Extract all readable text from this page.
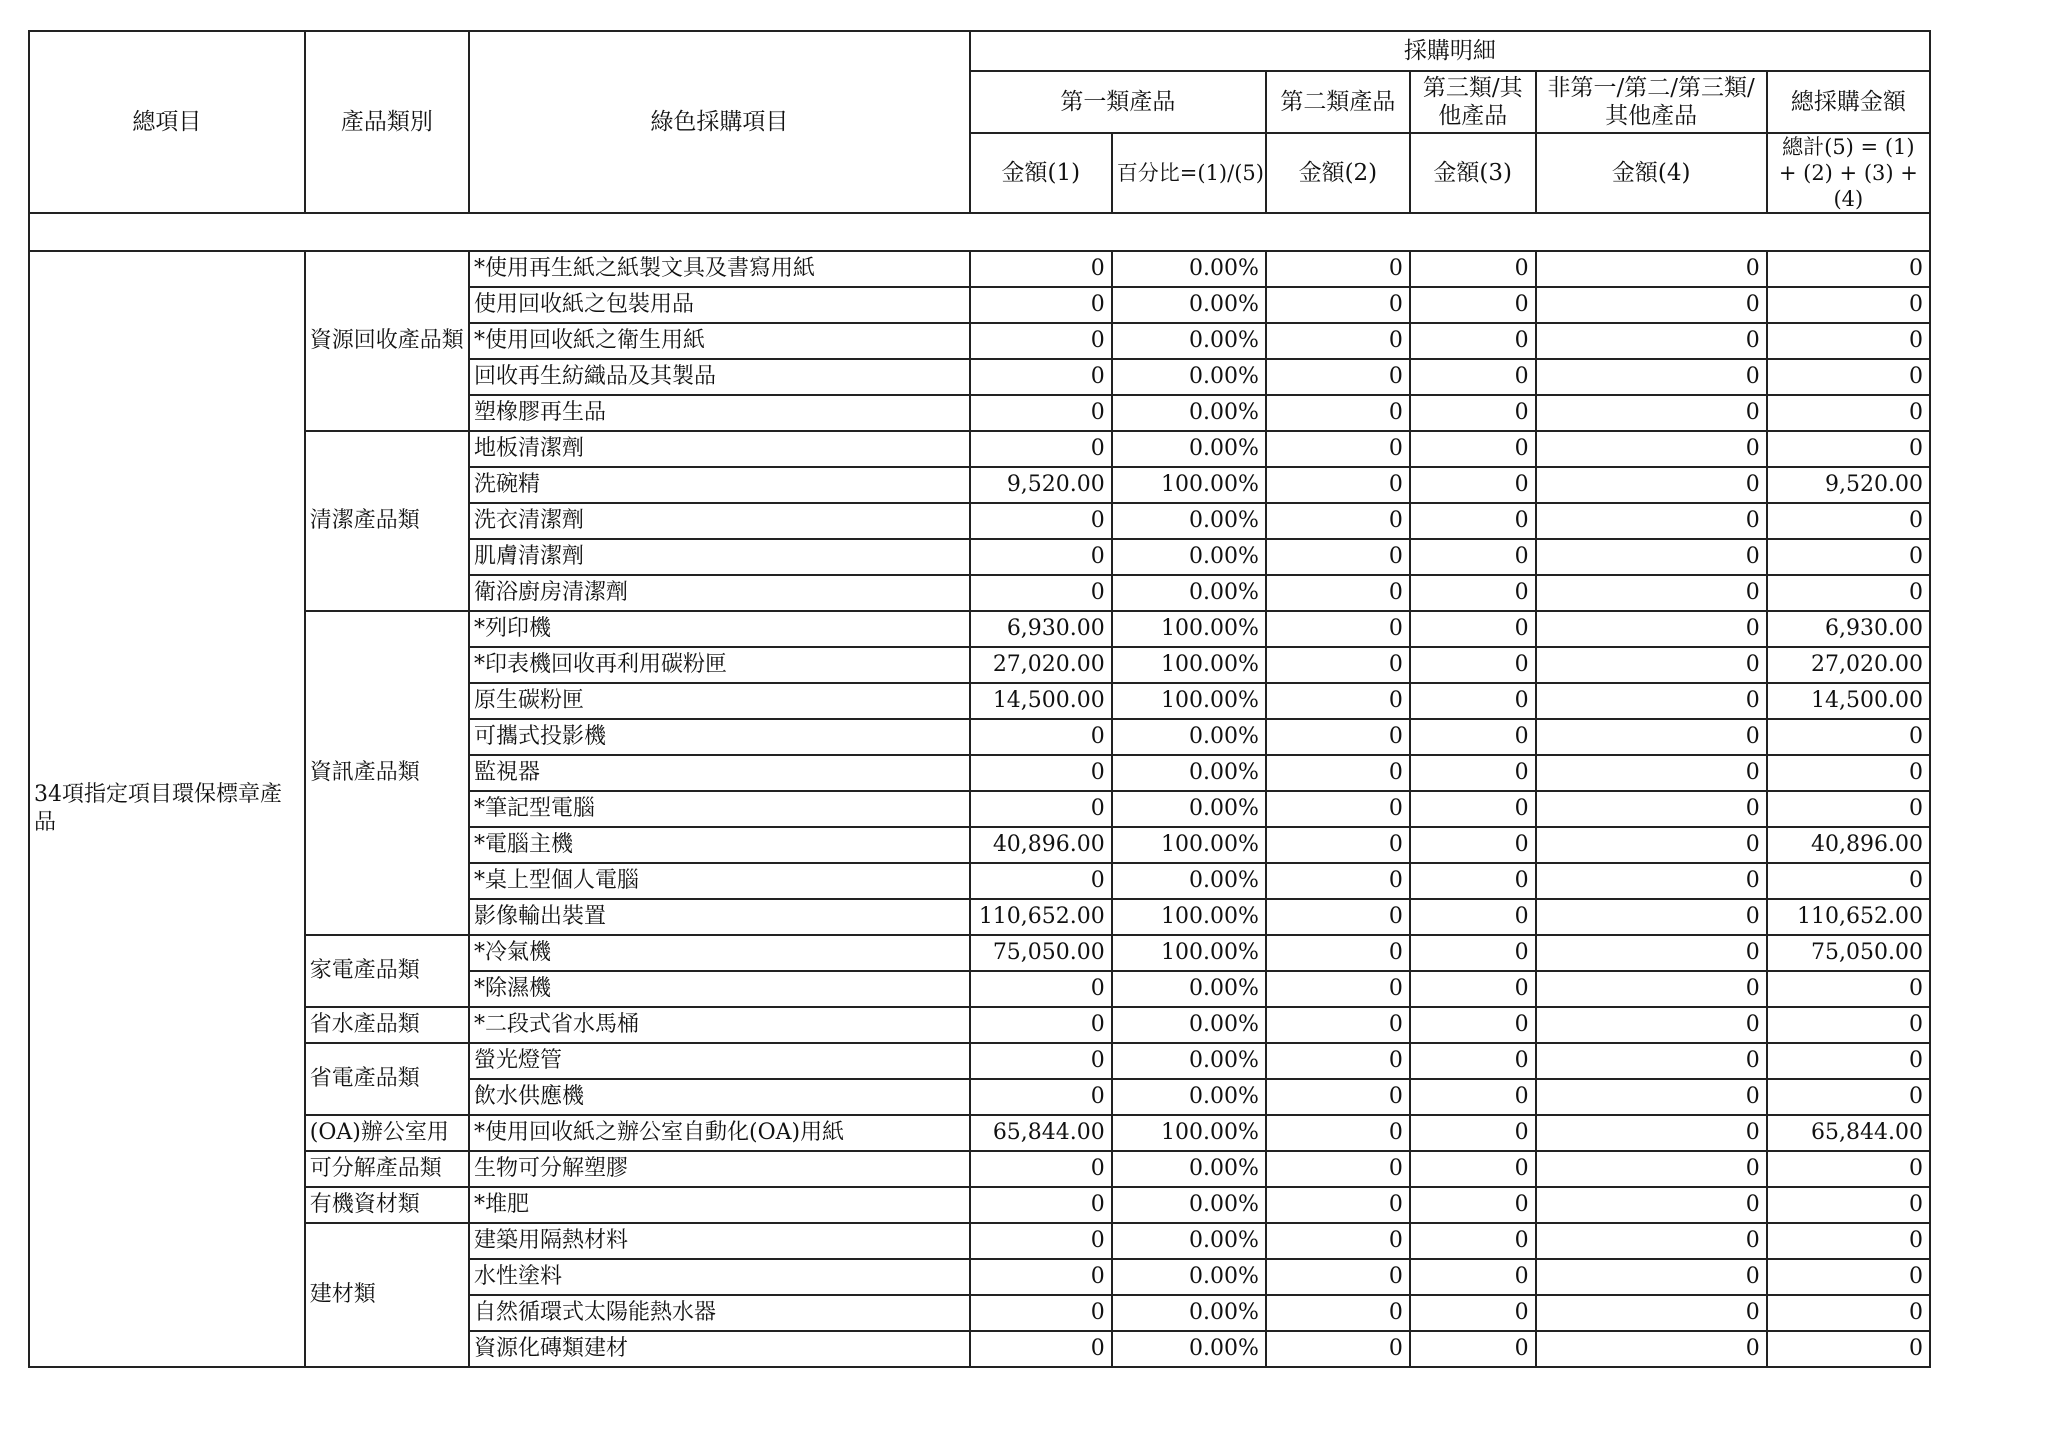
總項目	產品類別	綠色採購項目	採購明細					
			第一類產品		第二類產品	第三類/其他產品	非第一/第二/第三類/其他產品	總採購金額
			金額(1)	百分比=(1)/(5)	金額(2)	金額(3)	金額(4)	總計(5) = (1) + (2) + (3) + (4)

34項指定項目環保標章產品	資源回收產品類	*使用再生紙之紙製文具及書寫用紙	0	0.00%	0	0	0	0
		使用回收紙之包裝用品	0	0.00%	0	0	0	0
		*使用回收紙之衛生用紙	0	0.00%	0	0	0	0
		回收再生紡織品及其製品	0	0.00%	0	0	0	0
		塑橡膠再生品	0	0.00%	0	0	0	0
	清潔產品類	地板清潔劑	0	0.00%	0	0	0	0
		洗碗精	9,520.00	100.00%	0	0	0	9,520.00
		洗衣清潔劑	0	0.00%	0	0	0	0
		肌膚清潔劑	0	0.00%	0	0	0	0
		衛浴廚房清潔劑	0	0.00%	0	0	0	0
	資訊產品類	*列印機	6,930.00	100.00%	0	0	0	6,930.00
		*印表機回收再利用碳粉匣	27,020.00	100.00%	0	0	0	27,020.00
		原生碳粉匣	14,500.00	100.00%	0	0	0	14,500.00
		可攜式投影機	0	0.00%	0	0	0	0
		監視器	0	0.00%	0	0	0	0
		*筆記型電腦	0	0.00%	0	0	0	0
		*電腦主機	40,896.00	100.00%	0	0	0	40,896.00
		*桌上型個人電腦	0	0.00%	0	0	0	0
		影像輸出裝置	110,652.00	100.00%	0	0	0	110,652.00
	家電產品類	*冷氣機	75,050.00	100.00%	0	0	0	75,050.00
		*除濕機	0	0.00%	0	0	0	0
	省水產品類	*二段式省水馬桶	0	0.00%	0	0	0	0
	省電產品類	螢光燈管	0	0.00%	0	0	0	0
		飲水供應機	0	0.00%	0	0	0	0
	(OA)辦公室用	*使用回收紙之辦公室自動化(OA)用紙	65,844.00	100.00%	0	0	0	65,844.00
	可分解產品類	生物可分解塑膠	0	0.00%	0	0	0	0
	有機資材類	*堆肥	0	0.00%	0	0	0	0
	建材類	建築用隔熱材料	0	0.00%	0	0	0	0
		水性塗料	0	0.00%	0	0	0	0
		自然循環式太陽能熱水器	0	0.00%	0	0	0	0
		資源化磚類建材	0	0.00%	0	0	0	0
